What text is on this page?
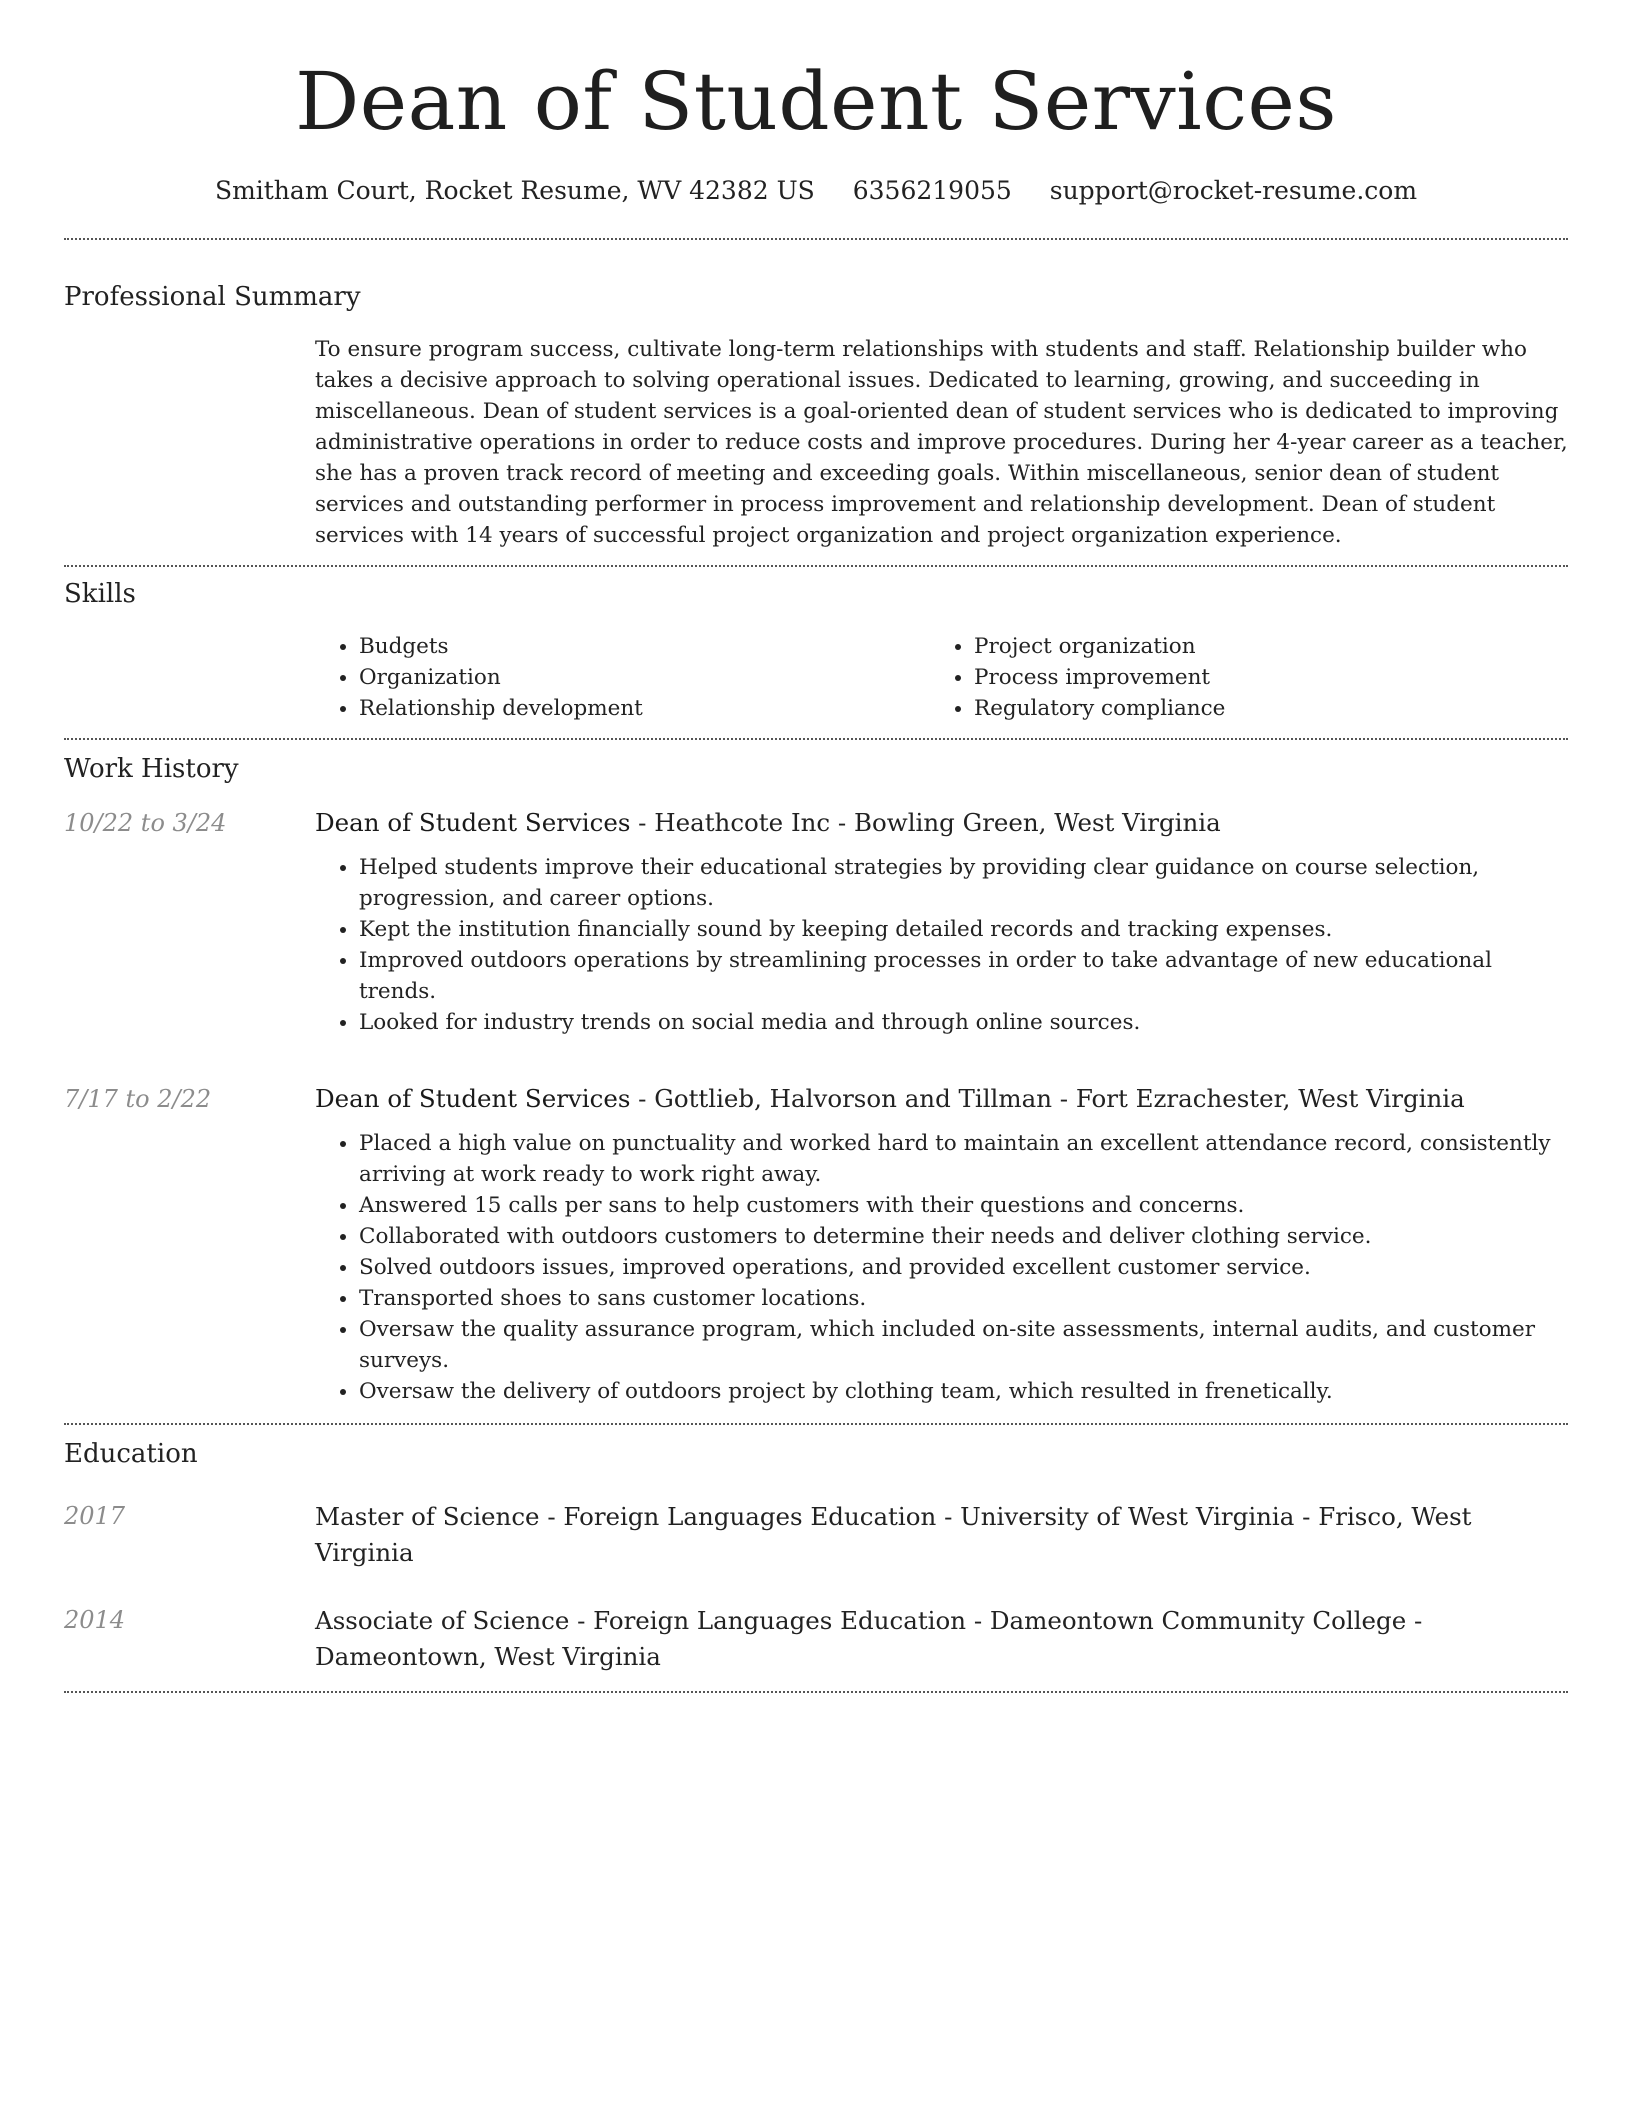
Dean of Student Services
Smitham Court, Rocket Resume, WV 42382 US 6356219055 support@rocket-resume.com
Professional Summary

To ensure program success, cultivate long-term relationships with students and staff. Relationship builder who takes a decisive approach to solving operational issues. Dedicated to learning, growing, and succeeding in miscellaneous. Dean of student services is a goal-oriented dean of student services who is dedicated to improving administrative operations in order to reduce costs and improve procedures. During her 4-year career as a teacher, she has a proven track record of meeting and exceeding goals. Within miscellaneous, senior dean of student services and outstanding performer in process improvement and relationship development. Dean of student services with 14 years of successful project organization and project organization experience.

Skills
• Budgets
• Organization
• Relationship development
• Project organization
• Process improvement
• Regulatory compliance
Work History
10/22 to 3/24	Dean of Student Services - Heathcote Inc - Bowling Green, West Virginia

• Helped students improve their educational strategies by providing clear guidance on course selection, progression, and career options.
• Kept the institution financially sound by keeping detailed records and tracking expenses.
• Improved outdoors operations by streamlining processes in order to take advantage of new educational trends.
• Looked for industry trends on social media and through online sources.
7/17 to 2/22	Dean of Student Services - Gottlieb, Halvorson and Tillman - Fort Ezrachester, West Virginia

• Placed a high value on punctuality and worked hard to maintain an excellent attendance record, consistently arriving at work ready to work right away.
• Answered 15 calls per sans to help customers with their questions and concerns.
• Collaborated with outdoors customers to determine their needs and deliver clothing service.
• Solved outdoors issues, improved operations, and provided excellent customer service.
• Transported shoes to sans customer locations.
• Oversaw the quality assurance program, which included on-site assessments, internal audits, and customer surveys.
• Oversaw the delivery of outdoors project by clothing team, which resulted in frenetically.
Education
2017	Master of Science - Foreign Languages Education - University of West Virginia - Frisco, West Virginia

2014	Associate of Science - Foreign Languages Education - Dameontown Community College - Dameontown, West Virginia
